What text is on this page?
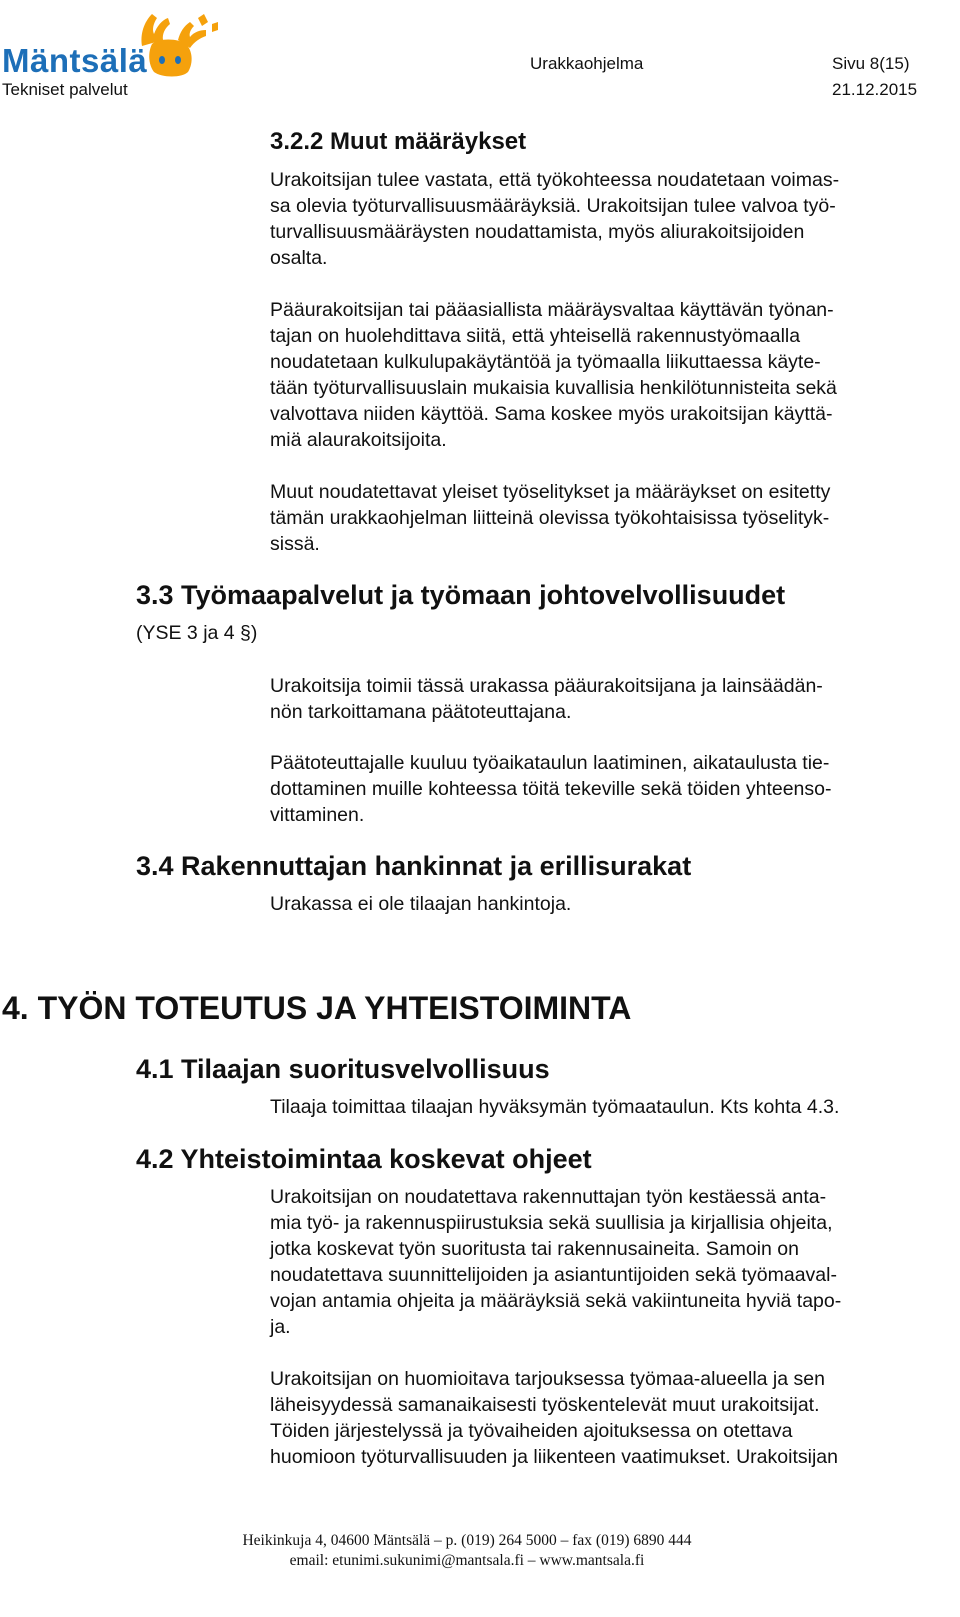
Mäntsälä
Tekniset palvelut
Urakkaohjelma	Sivu 8(15)
21.12.2015
3.2.2 Muut määräykset
Urakoitsijan tulee vastata, että työkohteessa noudatetaan voimas-
sa olevia työturvallisuusmääräyksiä. Urakoitsijan tulee valvoa työ-
turvallisuusmääräysten noudattamista, myös aliurakoitsijoiden
osalta.
Pääurakoitsijan tai pääasiallista määräysvaltaa käyttävän työnan-
tajan on huolehdittava siitä, että yhteisellä rakennustyömaalla
noudatetaan kulkulupakäytäntöä ja työmaalla liikuttaessa käyte-
tään työturvallisuuslain mukaisia kuvallisia henkilötunnisteita sekä
valvottava niiden käyttöä. Sama koskee myös urakoitsijan käyttä-
miä alaurakoitsijoita.
Muut noudatettavat yleiset työselitykset ja määräykset on esitetty
tämän urakkaohjelman liitteinä olevissa työkohtaisissa työselityk-
sissä.
3.3 Työmaapalvelut ja työmaan johtovelvollisuudet
(YSE 3 ja 4 §)
Urakoitsija toimii tässä urakassa pääurakoitsijana ja lainsäädän-
nön tarkoittamana päätoteuttajana.
Päätoteuttajalle kuuluu työaikataulun laatiminen, aikataulusta tie-
dottaminen muille kohteessa töitä tekeville sekä töiden yhteenso-
vittaminen.
3.4 Rakennuttajan hankinnat ja erillisurakat
Urakassa ei ole tilaajan hankintoja.
4. TYÖN TOTEUTUS JA YHTEISTOIMINTA
4.1 Tilaajan suoritusvelvollisuus
Tilaaja toimittaa tilaajan hyväksymän työmaataulun. Kts kohta 4.3.
4.2 Yhteistoimintaa koskevat ohjeet
Urakoitsijan on noudatettava rakennuttajan työn kestäessä anta-
mia työ- ja rakennuspiirustuksia sekä suullisia ja kirjallisia ohjeita,
jotka koskevat työn suoritusta tai rakennusaineita. Samoin on
noudatettava suunnittelijoiden ja asiantuntijoiden sekä työmaaval-
vojan antamia ohjeita ja määräyksiä sekä vakiintuneita hyviä tapo-
ja.
Urakoitsijan on huomioitava tarjouksessa työmaa-alueella ja sen
läheisyydessä samanaikaisesti työskentelevät muut urakoitsijat.
Töiden järjestelyssä ja työvaiheiden ajoituksessa on otettava
huomioon työturvallisuuden ja liikenteen vaatimukset. Urakoitsijan
Heikinkuja 4, 04600 Mäntsälä – p. (019) 264 5000 – fax (019) 6890 444
email: etunimi.sukunimi@mantsala.fi – www.mantsala.fi
